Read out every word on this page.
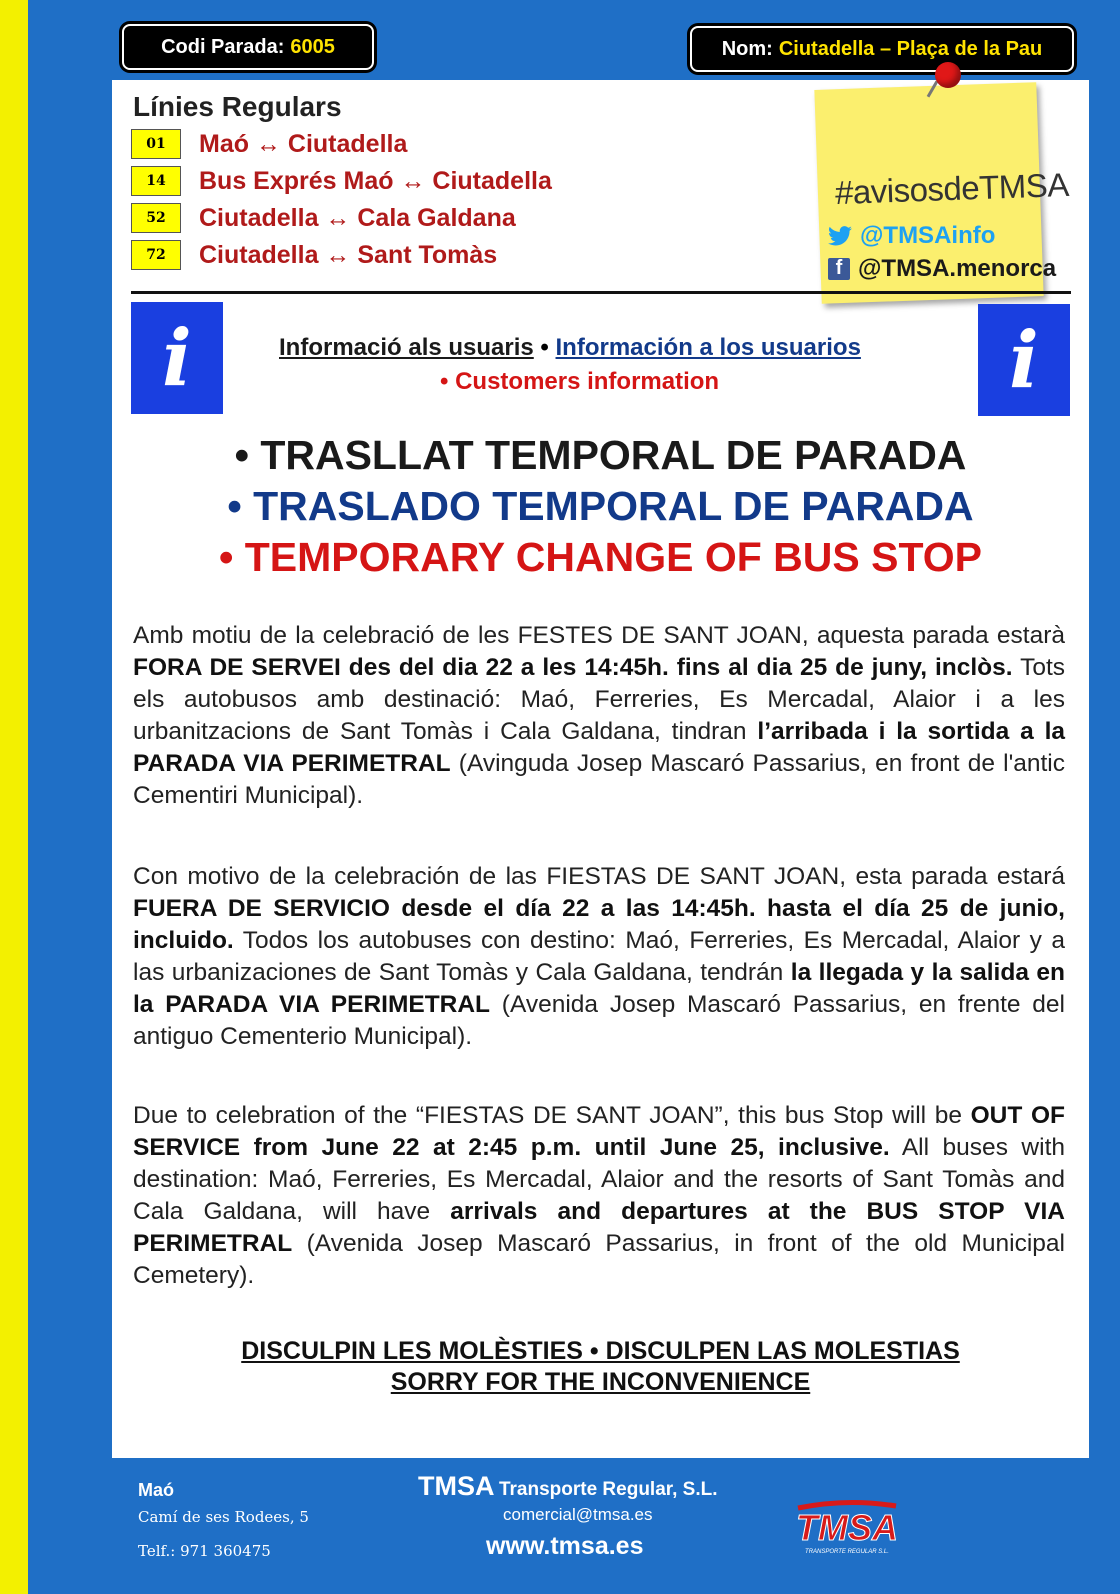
Codi Parada: 6005	Nom: Ciutadella – Plaça de la Pau
Línies Regulars
01	Maó ↔ Ciutadella
14	Bus Exprés Maó ↔ Ciutadella
52	Ciutadella ↔ Cala Galdana
72	Ciutadella ↔ Sant Tomàs
#avisosdeTMSA
@TMSAinfo
f @TMSA.menorca
i	i
Informació als usuaris • Información a los usuarios
• Customers information
• TRASLLAT TEMPORAL DE PARADA
• TRASLADO TEMPORAL DE PARADA
• TEMPORARY CHANGE OF BUS STOP
Amb motiu de la celebració de les FESTES DE SANT JOAN, aquesta parada estarà FORA DE SERVEI des del dia 22 a les 14:45h. fins al dia 25 de juny, inclòs. Tots els autobusos amb destinació: Maó, Ferreries, Es Mercadal, Alaior i a les urbanitzacions de Sant Tomàs i Cala Galdana, tindran l’arribada i la sortida a la PARADA VIA PERIMETRAL (Avinguda Josep Mascaró Passarius, en front de l'antic Cementiri Municipal).
Con motivo de la celebración de las FIESTAS DE SANT JOAN, esta parada estará FUERA DE SERVICIO desde el día 22 a las 14:45h. hasta el día 25 de junio, incluido. Todos los autobuses con destino: Maó, Ferreries, Es Mercadal, Alaior y a las urbanizaciones de Sant Tomàs y Cala Galdana, tendrán la llegada y la salida en la PARADA VIA PERIMETRAL (Avenida Josep Mascaró Passarius, en frente del antiguo Cementerio Municipal).
Due to celebration of the “FIESTAS DE SANT JOAN”, this bus Stop will be OUT OF SERVICE from June 22 at 2:45 p.m. until June 25, inclusive. All buses with destination: Maó, Ferreries, Es Mercadal, Alaior and the resorts of Sant Tomàs and Cala Galdana, will have arrivals and departures at the BUS STOP VIA PERIMETRAL (Avenida Josep Mascaró Passarius, in front of the old Municipal Cemetery).
DISCULPIN LES MOLÈSTIES • DISCULPEN LAS MOLESTIAS
SORRY FOR THE INCONVENIENCE
Maó
Camí de ses Rodees, 5
Telf.: 971 360475
TMSA Transporte Regular, S.L.
comercial@tmsa.es
www.tmsa.es	TMSA
TRANSPORTE REGULAR S.L.
